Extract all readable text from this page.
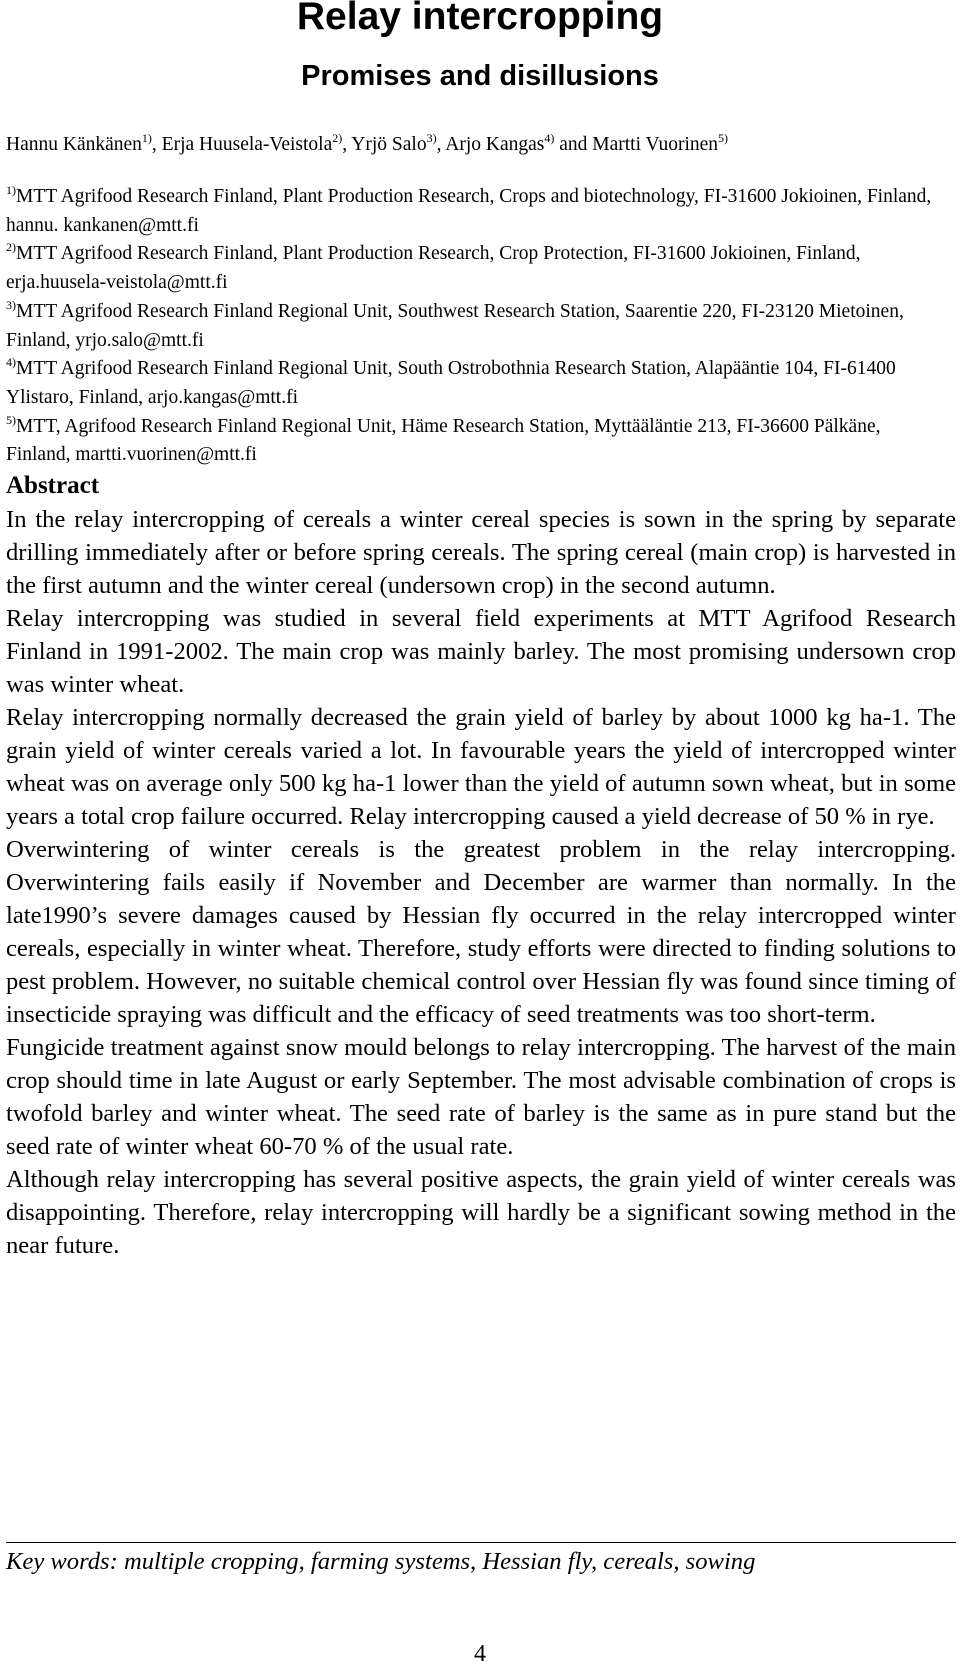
Relay intercropping
Promises and disillusions

Hannu Känkänen$^{1)}$, Erja Huusela-Veistola$^{2)}$, Yrjö Salo$^{3)}$, Arjo Kangas$^{4)}$ and Martti Vuorinen$^{5)}$

$^{1)}$MTT Agrifood Research Finland, Plant Production Research, Crops and biotechnology, FI-31600 Jokioinen, Finland, hannu. kankanen@mtt.fi

$^{2)}$MTT Agrifood Research Finland, Plant Production Research, Crop Protection, FI-31600 Jokioinen, Finland, erja.huusela-veistola@mtt.fi

$^{3)}$MTT Agrifood Research Finland Regional Unit, Southwest Research Station, Saarentie 220, FI-23120 Mietoinen, Finland, yrjo.salo@mtt.fi

$^{4)}$MTT Agrifood Research Finland Regional Unit, South Ostrobothnia Research Station, Alapääntie 104, FI-61400 Ylistaro, Finland, arjo.kangas@mtt.fi

$^{5)}$MTT, Agrifood Research Finland Regional Unit, Häme Research Station, Myttääläntie 213, FI-36600 Pälkäne, Finland, martti.vuorinen@mtt.fi

Abstract

In the relay intercropping of cereals a winter cereal species is sown in the spring by separate drilling immediately after or before spring cereals. The spring cereal (main crop) is harvested in the first autumn and the winter cereal (undersown crop) in the second autumn.

Relay intercropping was studied in several field experiments at MTT Agrifood Research Finland in 1991-2002. The main crop was mainly barley. The most promising undersown crop was winter wheat.

Relay intercropping normally decreased the grain yield of barley by about 1000 kg ha-1. The grain yield of winter cereals varied a lot. In favourable years the yield of intercropped winter wheat was on average only 500 kg ha-1 lower than the yield of autumn sown wheat, but in some years a total crop failure occurred. Relay intercropping caused a yield decrease of 50 % in rye.

Overwintering of winter cereals is the greatest problem in the relay intercropping. Overwintering fails easily if November and December are warmer than normally. In the late1990’s severe damages caused by Hessian fly occurred in the relay intercropped winter cereals, especially in winter wheat. Therefore, study efforts were directed to finding solutions to pest problem. However, no suitable chemical control over Hessian fly was found since timing of insecticide spraying was difficult and the efficacy of seed treatments was too short-term.

Fungicide treatment against snow mould belongs to relay intercropping. The harvest of the main crop should time in late August or early September. The most advisable combination of crops is twofold barley and winter wheat. The seed rate of barley is the same as in pure stand but the seed rate of winter wheat 60-70 % of the usual rate.

Although relay intercropping has several positive aspects, the grain yield of winter cereals was disappointing. Therefore, relay intercropping will hardly be a significant sowing method in the near future.

Key words: multiple cropping, farming systems, Hessian fly, cereals, sowing

4
